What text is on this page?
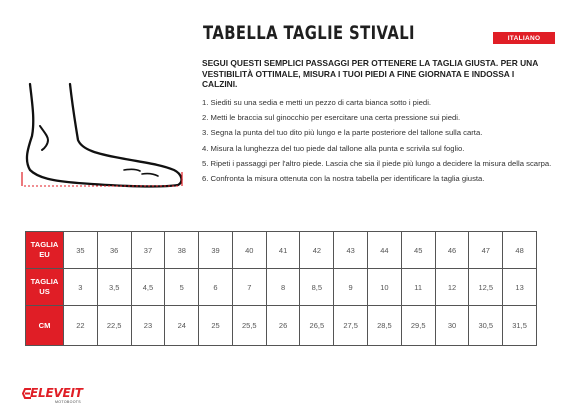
TABELLA TAGLIE STIVALI	ITALIANO

SEGUI QUESTI SEMPLICI PASSAGGI PER OTTENERE LA TAGLIA GIUSTA. PER UNA VESTIBILITÀ OTTIMALE, MISURA I TUOI PIEDI A FINE GIORNATA E INDOSSA I CALZINI.

1. Siediti su una sedia e metti un pezzo di carta bianca sotto i piedi.
2. Metti le braccia sul ginocchio per esercitare una certa pressione sui piedi.
3. Segna la punta del tuo dito più lungo e la parte posteriore del tallone sulla carta.
4. Misura la lunghezza del tuo piede dal tallone alla punta e scrivila sul foglio.
5. Ripeti i passaggi per l'altro piede. Lascia che sia il piede più lungo a decidere la misura della scarpa.
6. Confronta la misura ottenuta con la nostra tabella per identificare la taglia giusta.
TAGLIA
EU	35	36	37	38	39	40	41	42	43	44	45	46	47	48

TAGLIA
US	3	3,5	4,5	5	6	7	8	8,5	9	10	11	12	12,5	13

CM	22	22,5	23	24	25	25,5	26	26,5	27,5	28,5	29,5	30	30,5	31,5
ELEVEIT
MOTOBOOTS
